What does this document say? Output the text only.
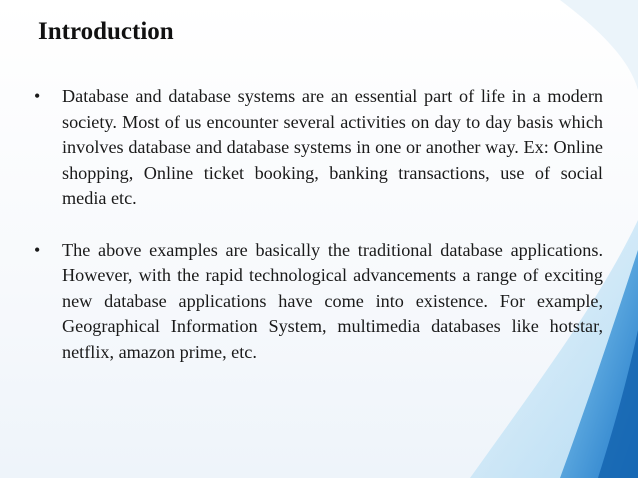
Introduction
• Database and database systems are an essential part of life in a modern society. Most of us encounter several activities on day to day basis which involves database and database systems in one or another way. Ex: Online shopping, Online ticket booking, banking transactions, use of social media etc.
• The above examples are basically the traditional database applications. However, with the rapid technological advancements a range of exciting new database applications have come into existence. For example, Geographical Information System, multimedia databases like hotstar, netflix, amazon prime, etc.
